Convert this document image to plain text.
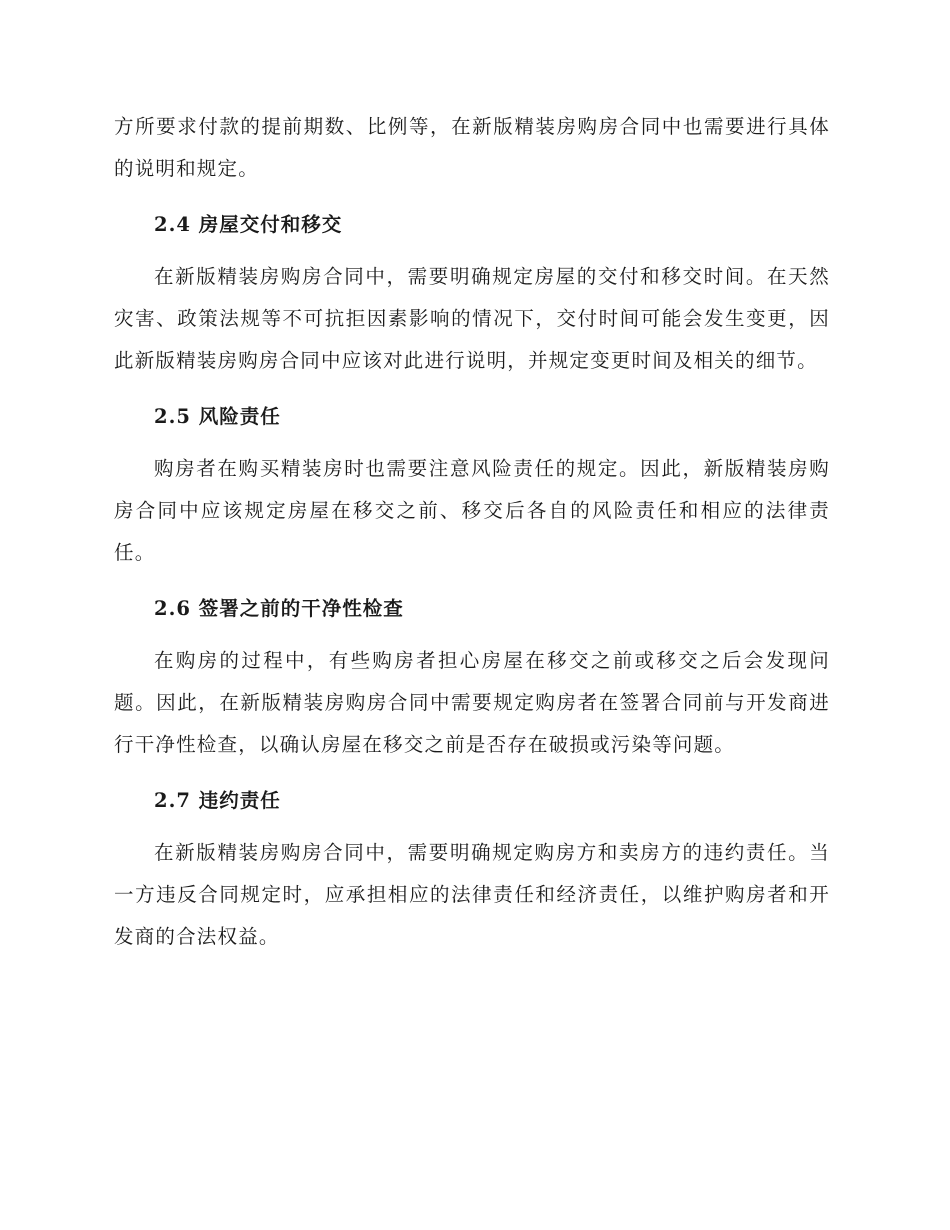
方所要求付款的提前期数、比例等，在新版精装房购房合同中也需要进行具体的说明和规定。

2.4 房屋交付和移交

在新版精装房购房合同中，需要明确规定房屋的交付和移交时间。在天然灾害、政策法规等不可抗拒因素影响的情况下，交付时间可能会发生变更，因此新版精装房购房合同中应该对此进行说明，并规定变更时间及相关的细节。

2.5 风险责任

购房者在购买精装房时也需要注意风险责任的规定。因此，新版精装房购房合同中应该规定房屋在移交之前、移交后各自的风险责任和相应的法律责任。

2.6 签署之前的干净性检查

在购房的过程中，有些购房者担心房屋在移交之前或移交之后会发现问题。因此，在新版精装房购房合同中需要规定购房者在签署合同前与开发商进行干净性检查，以确认房屋在移交之前是否存在破损或污染等问题。

2.7 违约责任

在新版精装房购房合同中，需要明确规定购房方和卖房方的违约责任。当一方违反合同规定时，应承担相应的法律责任和经济责任，以维护购房者和开发商的合法权益。
